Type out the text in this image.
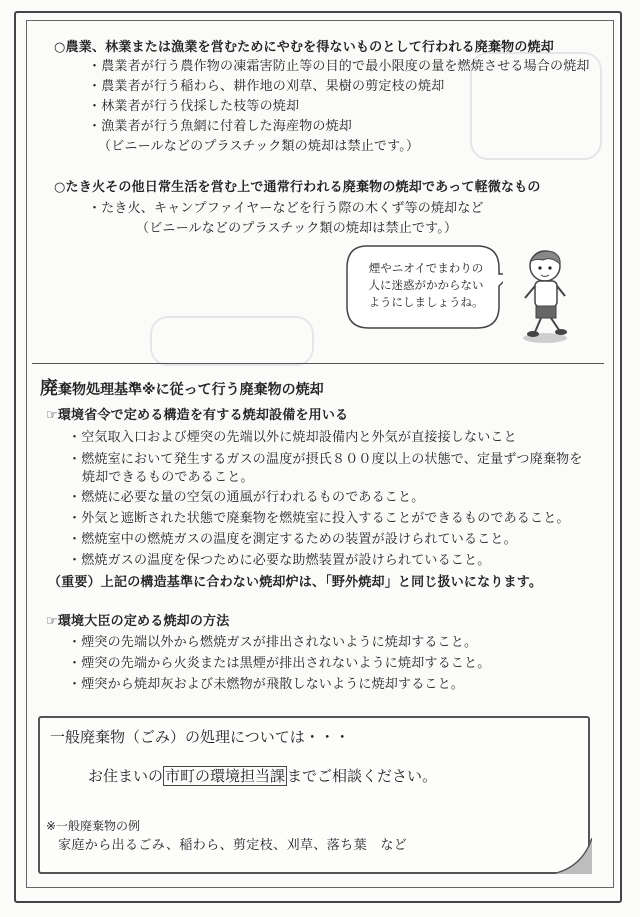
○農業、林業または漁業を営むためにやむを得ないものとして行われる廃棄物の焼却
・農業者が行う農作物の凍霜害防止等の目的で最小限度の量を燃焼させる場合の焼却
・農業者が行う稲わら、耕作地の刈草、果樹の剪定枝の焼却
・林業者が行う伐採した枝等の焼却
・漁業者が行う魚網に付着した海産物の焼却
（ビニールなどのプラスチック類の焼却は禁止です。）
○たき火その他日常生活を営む上で通常行われる廃棄物の焼却であって軽微なもの
・たき火、キャンプファイヤーなどを行う際の木くず等の焼却など
（ビニールなどのプラスチック類の焼却は禁止です。）
煙やニオイでまわりの
人に迷惑がかからない
ようにしましょうね。
廃棄物処理基準※に従って行う廃棄物の焼却
☞環境省令で定める構造を有する焼却設備を用いる
・空気取入口および煙突の先端以外に焼却設備内と外気が直接接しないこと
・燃焼室において発生するガスの温度が摂氏８００度以上の状態で、定量ずつ廃棄物を
焼却できるものであること。
・燃焼に必要な量の空気の通風が行われるものであること。
・外気と遮断された状態で廃棄物を燃焼室に投入することができるものであること。
・燃焼室中の燃焼ガスの温度を測定するための装置が設けられていること。
・燃焼ガスの温度を保つために必要な助燃装置が設けられていること。
（重要）上記の構造基準に合わない焼却炉は、「野外焼却」と同じ扱いになります。
☞環境大臣の定める焼却の方法
・煙突の先端以外から燃焼ガスが排出されないように焼却すること。
・煙突の先端から火炎または黒煙が排出されないように焼却すること。
・煙突から焼却灰および未燃物が飛散しないように焼却すること。
一般廃棄物（ごみ）の処理については・・・
お住まいの 市町の環境担当課 までご相談ください。
※一般廃棄物の例
家庭から出るごみ、稲わら、剪定枝、刈草、落ち葉　など
